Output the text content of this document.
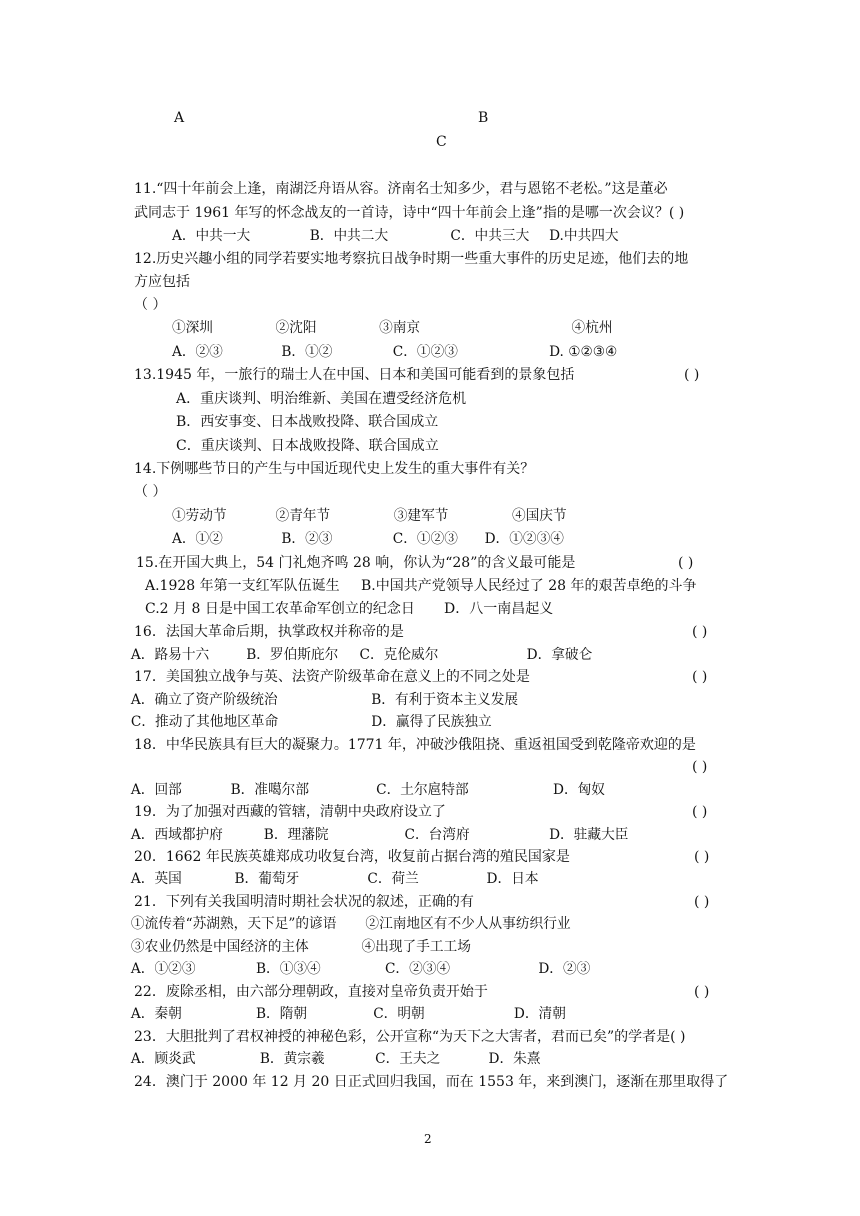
A	B
C
11.“四十年前会上逢，南湖泛舟语从容。济南名士知多少，君与恩铭不老松。”这是董必
武同志于 1961 年写的怀念战友的一首诗，诗中“四十年前会上逢”指的是哪一次会议？( )
A．中共一大	B．中共二大	C．中共三大 D.中共四大
12.历史兴趣小组的同学若要实地考察抗日战争时期一些重大事件的历史足迹，他们去的地
方应包括
（ ）
①深圳	②沈阳	③南京	④杭州
A．②③	B．①②	C．①②③	D. ①②③④
13.1945 年，一旅行的瑞士人在中国、日本和美国可能看到的景象包括	( )
A．重庆谈判、明治维新、美国在遭受经济危机
B．西安事变、日本战败投降、联合国成立
C．重庆谈判、日本战败投降、联合国成立
14.下例哪些节日的产生与中国近现代史上发生的重大事件有关？
（ ）
①劳动节	②青年节	③建军节	④国庆节
A．①②	B．②③	C．①②③ D．①②③④
15.在开国大典上，54 门礼炮齐鸣 28 响，你认为“28”的含义最可能是	( )
A.1928 年第一支红军队伍诞生 B.中国共产党领导人民经过了 28 年的艰苦卓绝的斗争
C.2 月 8 日是中国工农革命军创立的纪念日 D．八一南昌起义
16．法国大革命后期，执掌政权并称帝的是	( )
A．路易十六	B．罗伯斯庇尔 C．克伦威尔	D．拿破仑
17．美国独立战争与英、法资产阶级革命在意义上的不同之处是	( )
A．确立了资产阶级统治	B．有利于资本主义发展
C．推动了其他地区革命	D．赢得了民族独立
18．中华民族具有巨大的凝聚力。1771 年，冲破沙俄阻挠、重返祖国受到乾隆帝欢迎的是
( )
A．回部	B．准噶尔部	C．土尔扈特部	D．匈奴
19．为了加强对西藏的管辖，清朝中央政府设立了	( )
A．西域都护府	B．理藩院	C．台湾府	D．驻藏大臣
20．1662 年民族英雄郑成功收复台湾，收复前占据台湾的殖民国家是	( )
A．英国	B．葡萄牙	C．荷兰	D．日本
21．下列有关我国明清时期社会状况的叙述，正确的有	( )
①流传着“苏湖熟，天下足”的谚语 ②江南地区有不少人从事纺织行业
③农业仍然是中国经济的主体	④出现了手工工场
A．①②③	B．①③④	C．②③④	D．②③
22．废除丞相，由六部分理朝政，直接对皇帝负责开始于	( )
A．秦朝	B．隋朝	C．明朝	D．清朝
23．大胆批判了君权神授的神秘色彩，公开宣称“为天下之大害者，君而已矣”的学者是( )
A．顾炎武	B．黄宗羲	C．王夫之	D．朱熹
24．澳门于 2000 年 12 月 20 日正式回归我国，而在 1553 年，来到澳门，逐渐在那里取得了
2
